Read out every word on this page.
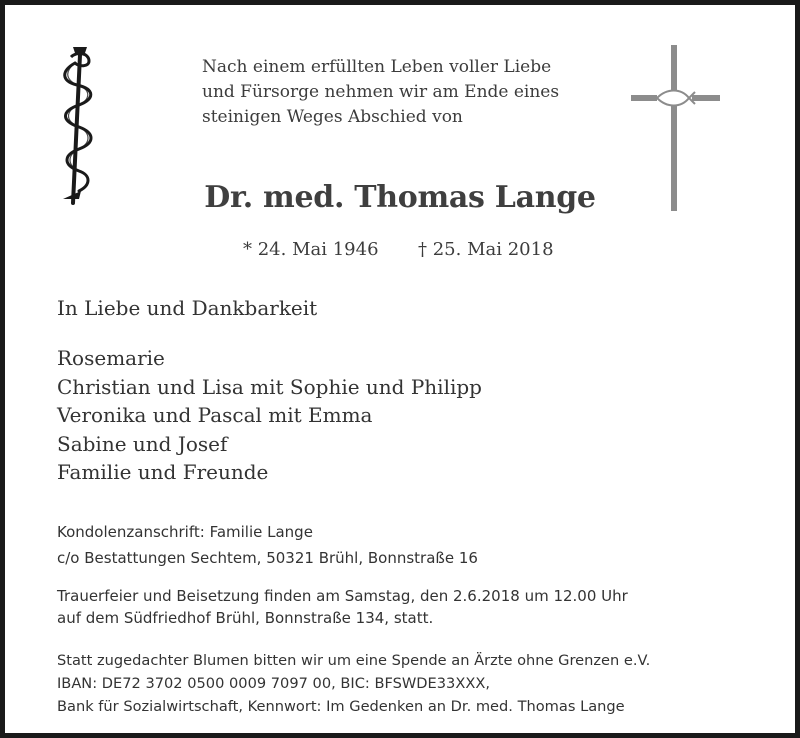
Nach einem erfüllten Leben voller Liebe
und Fürsorge nehmen wir am Ende eines
steinigen Weges Abschied von
Dr. med. Thomas Lange
* 24. Mai 1946 † 25. Mai 2018
In Liebe und Dankbarkeit
Rosemarie
Christian und Lisa mit Sophie und Philipp
Veronika und Pascal mit Emma
Sabine und Josef
Familie und Freunde
Kondolenzanschrift: Familie Lange
c/o Bestattungen Sechtem, 50321 Brühl, Bonnstraße 16
Trauerfeier und Beisetzung finden am Samstag, den 2.6.2018 um 12.00 Uhr
auf dem Südfriedhof Brühl, Bonnstraße 134, statt.
Statt zugedachter Blumen bitten wir um eine Spende an Ärzte ohne Grenzen e.V.
IBAN: DE72 3702 0500 0009 7097 00, BIC: BFSWDE33XXX,
Bank für Sozialwirtschaft, Kennwort: Im Gedenken an Dr. med. Thomas Lange
